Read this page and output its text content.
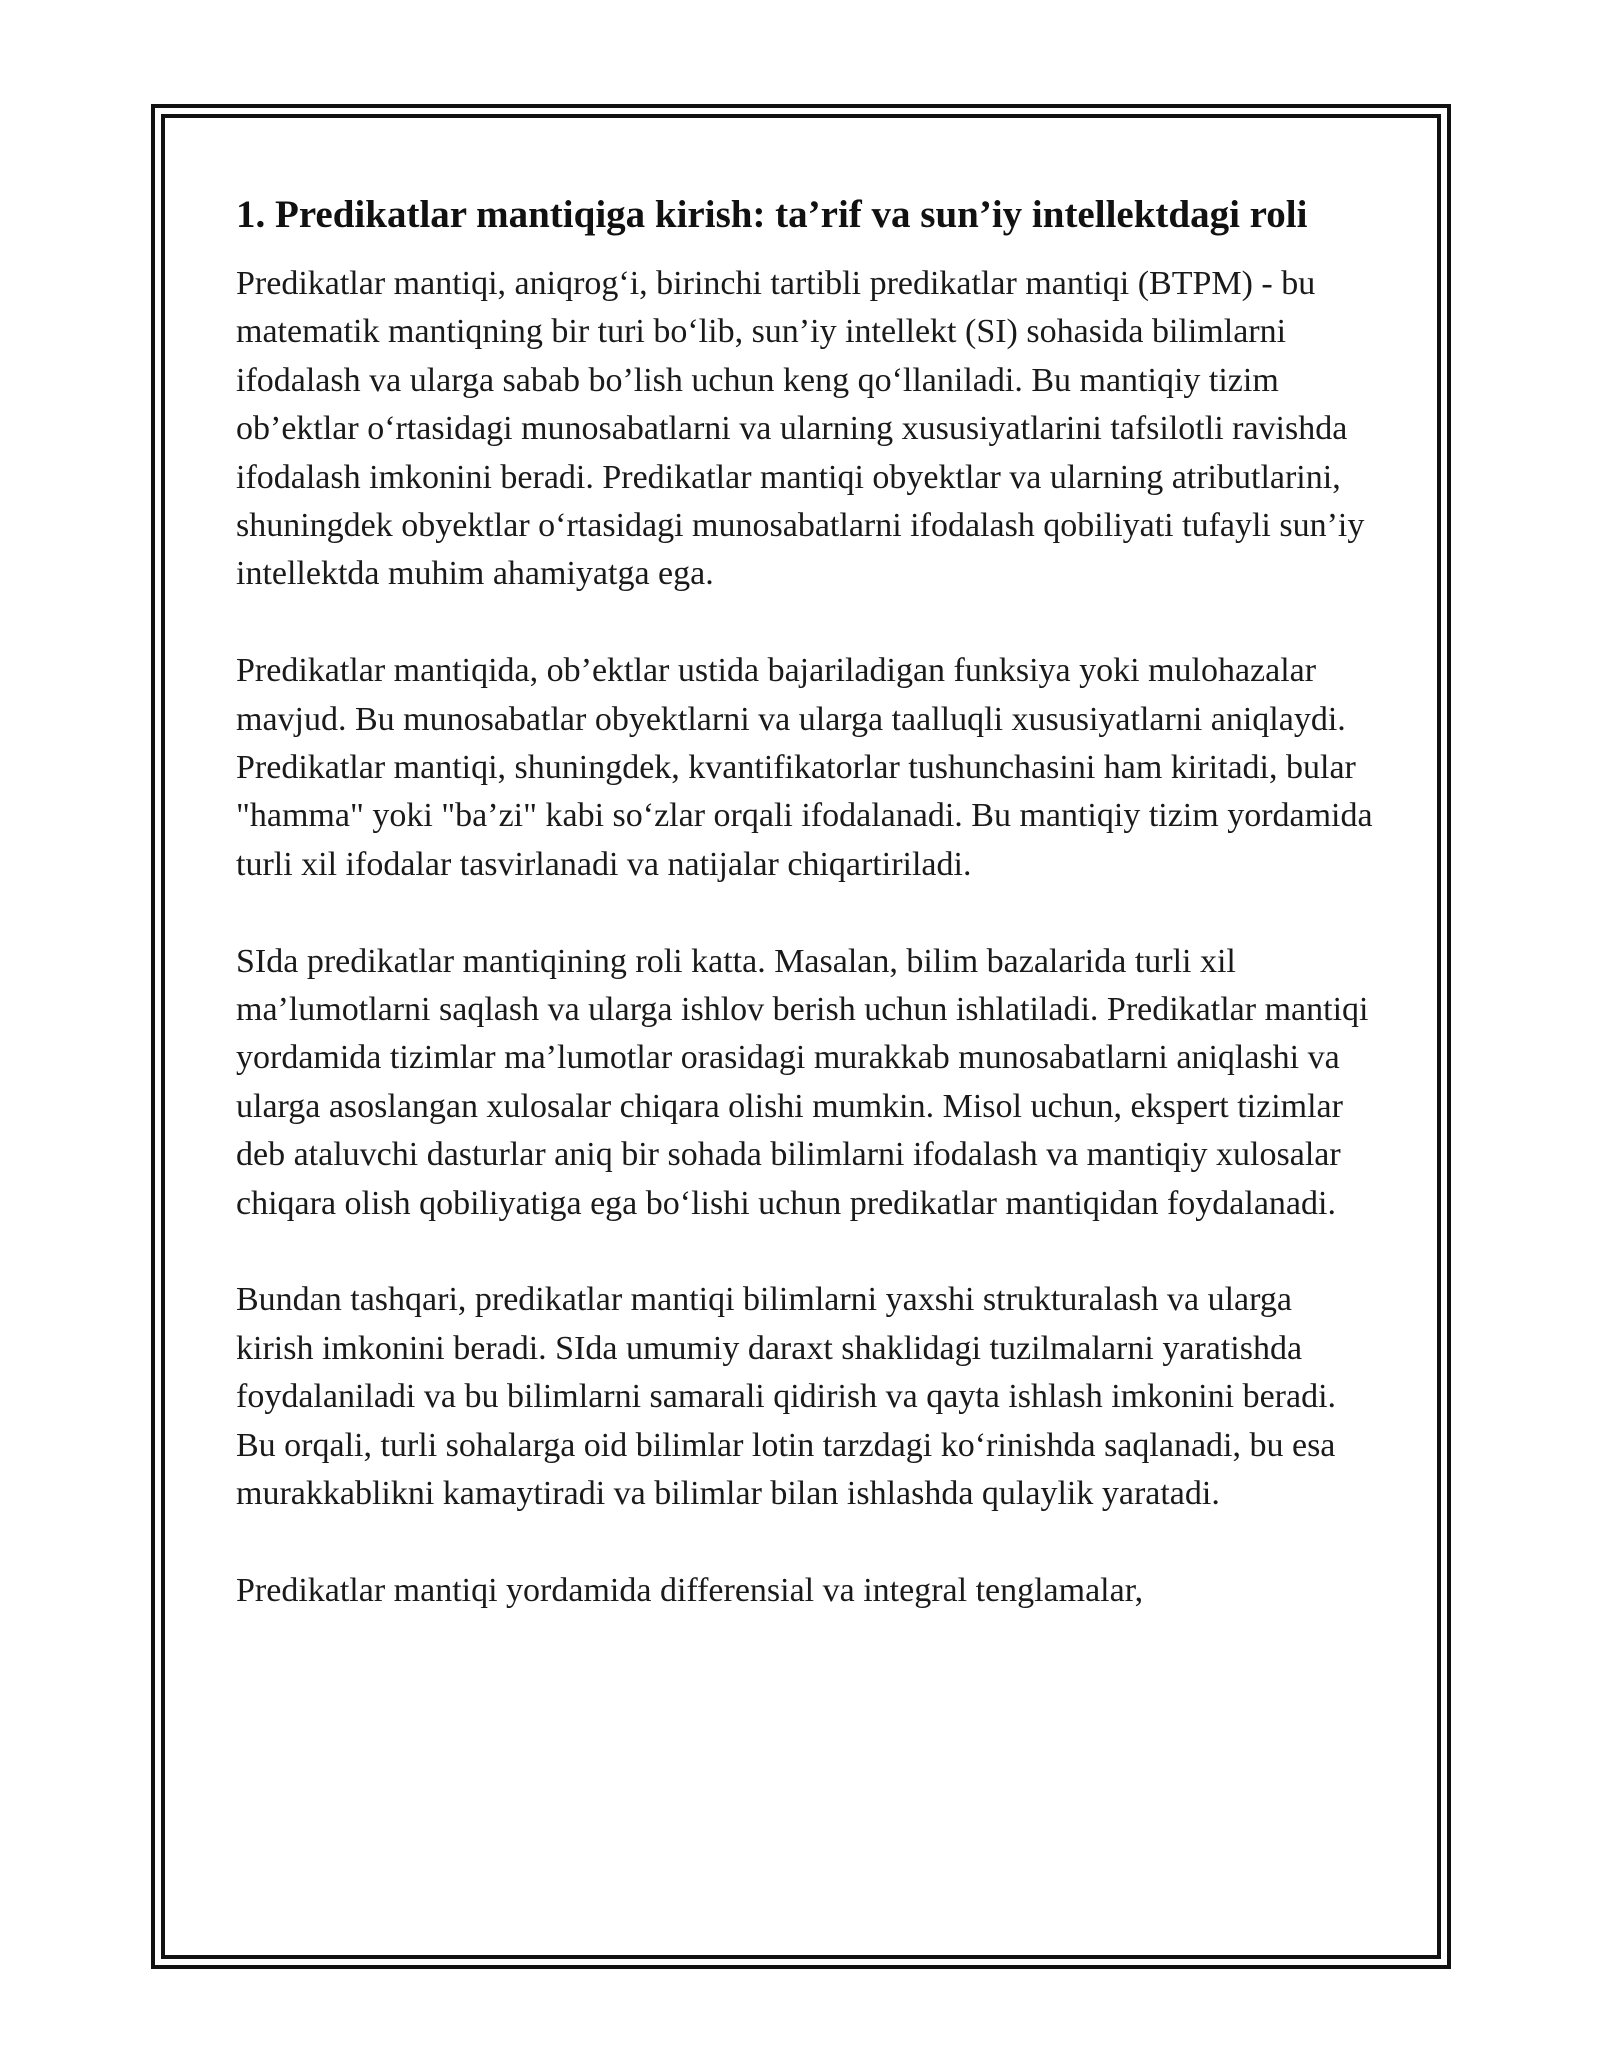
1. Predikatlar mantiqiga kirish: ta’rif va sun’iy intellektdagi roli

Predikatlar mantiqi, aniqrog‘i, birinchi tartibli predikatlar mantiqi (BTPM) - bu matematik mantiqning bir turi bo‘lib, sun’iy intellekt (SI) sohasida bilimlarni ifodalash va ularga sabab bo’lish uchun keng qo‘llaniladi. Bu mantiqiy tizim ob’ektlar o‘rtasidagi munosabatlarni va ularning xususiyatlarini tafsilotli ravishda ifodalash imkonini beradi. Predikatlar mantiqi obyektlar va ularning atributlarini, shuningdek obyektlar o‘rtasidagi munosabatlarni ifodalash qobiliyati tufayli sun’iy intellektda muhim ahamiyatga ega.

Predikatlar mantiqida, ob’ektlar ustida bajariladigan funksiya yoki mulohazalar mavjud. Bu munosabatlar obyektlarni va ularga taalluqli xususiyatlarni aniqlaydi. Predikatlar mantiqi, shuningdek, kvantifikatorlar tushunchasini ham kiritadi, bular "hamma" yoki "ba’zi" kabi so‘zlar orqali ifodalanadi. Bu mantiqiy tizim yordamida turli xil ifodalar tasvirlanadi va natijalar chiqartiriladi.

SIda predikatlar mantiqining roli katta. Masalan, bilim bazalarida turli xil ma’lumotlarni saqlash va ularga ishlov berish uchun ishlatiladi. Predikatlar mantiqi yordamida tizimlar ma’lumotlar orasidagi murakkab munosabatlarni aniqlashi va ularga asoslangan xulosalar chiqara olishi mumkin. Misol uchun, ekspert tizimlar deb ataluvchi dasturlar aniq bir sohada bilimlarni ifodalash va mantiqiy xulosalar chiqara olish qobiliyatiga ega bo‘lishi uchun predikatlar mantiqidan foydalanadi.

Bundan tashqari, predikatlar mantiqi bilimlarni yaxshi strukturalash va ularga kirish imkonini beradi. SIda umumiy daraxt shaklidagi tuzilmalarni yaratishda foydalaniladi va bu bilimlarni samarali qidirish va qayta ishlash imkonini beradi. Bu orqali, turli sohalarga oid bilimlar lotin tarzdagi ko‘rinishda saqlanadi, bu esa murakkablikni kamaytiradi va bilimlar bilan ishlashda qulaylik yaratadi.

Predikatlar mantiqi yordamida differensial va integral tenglamalar,
